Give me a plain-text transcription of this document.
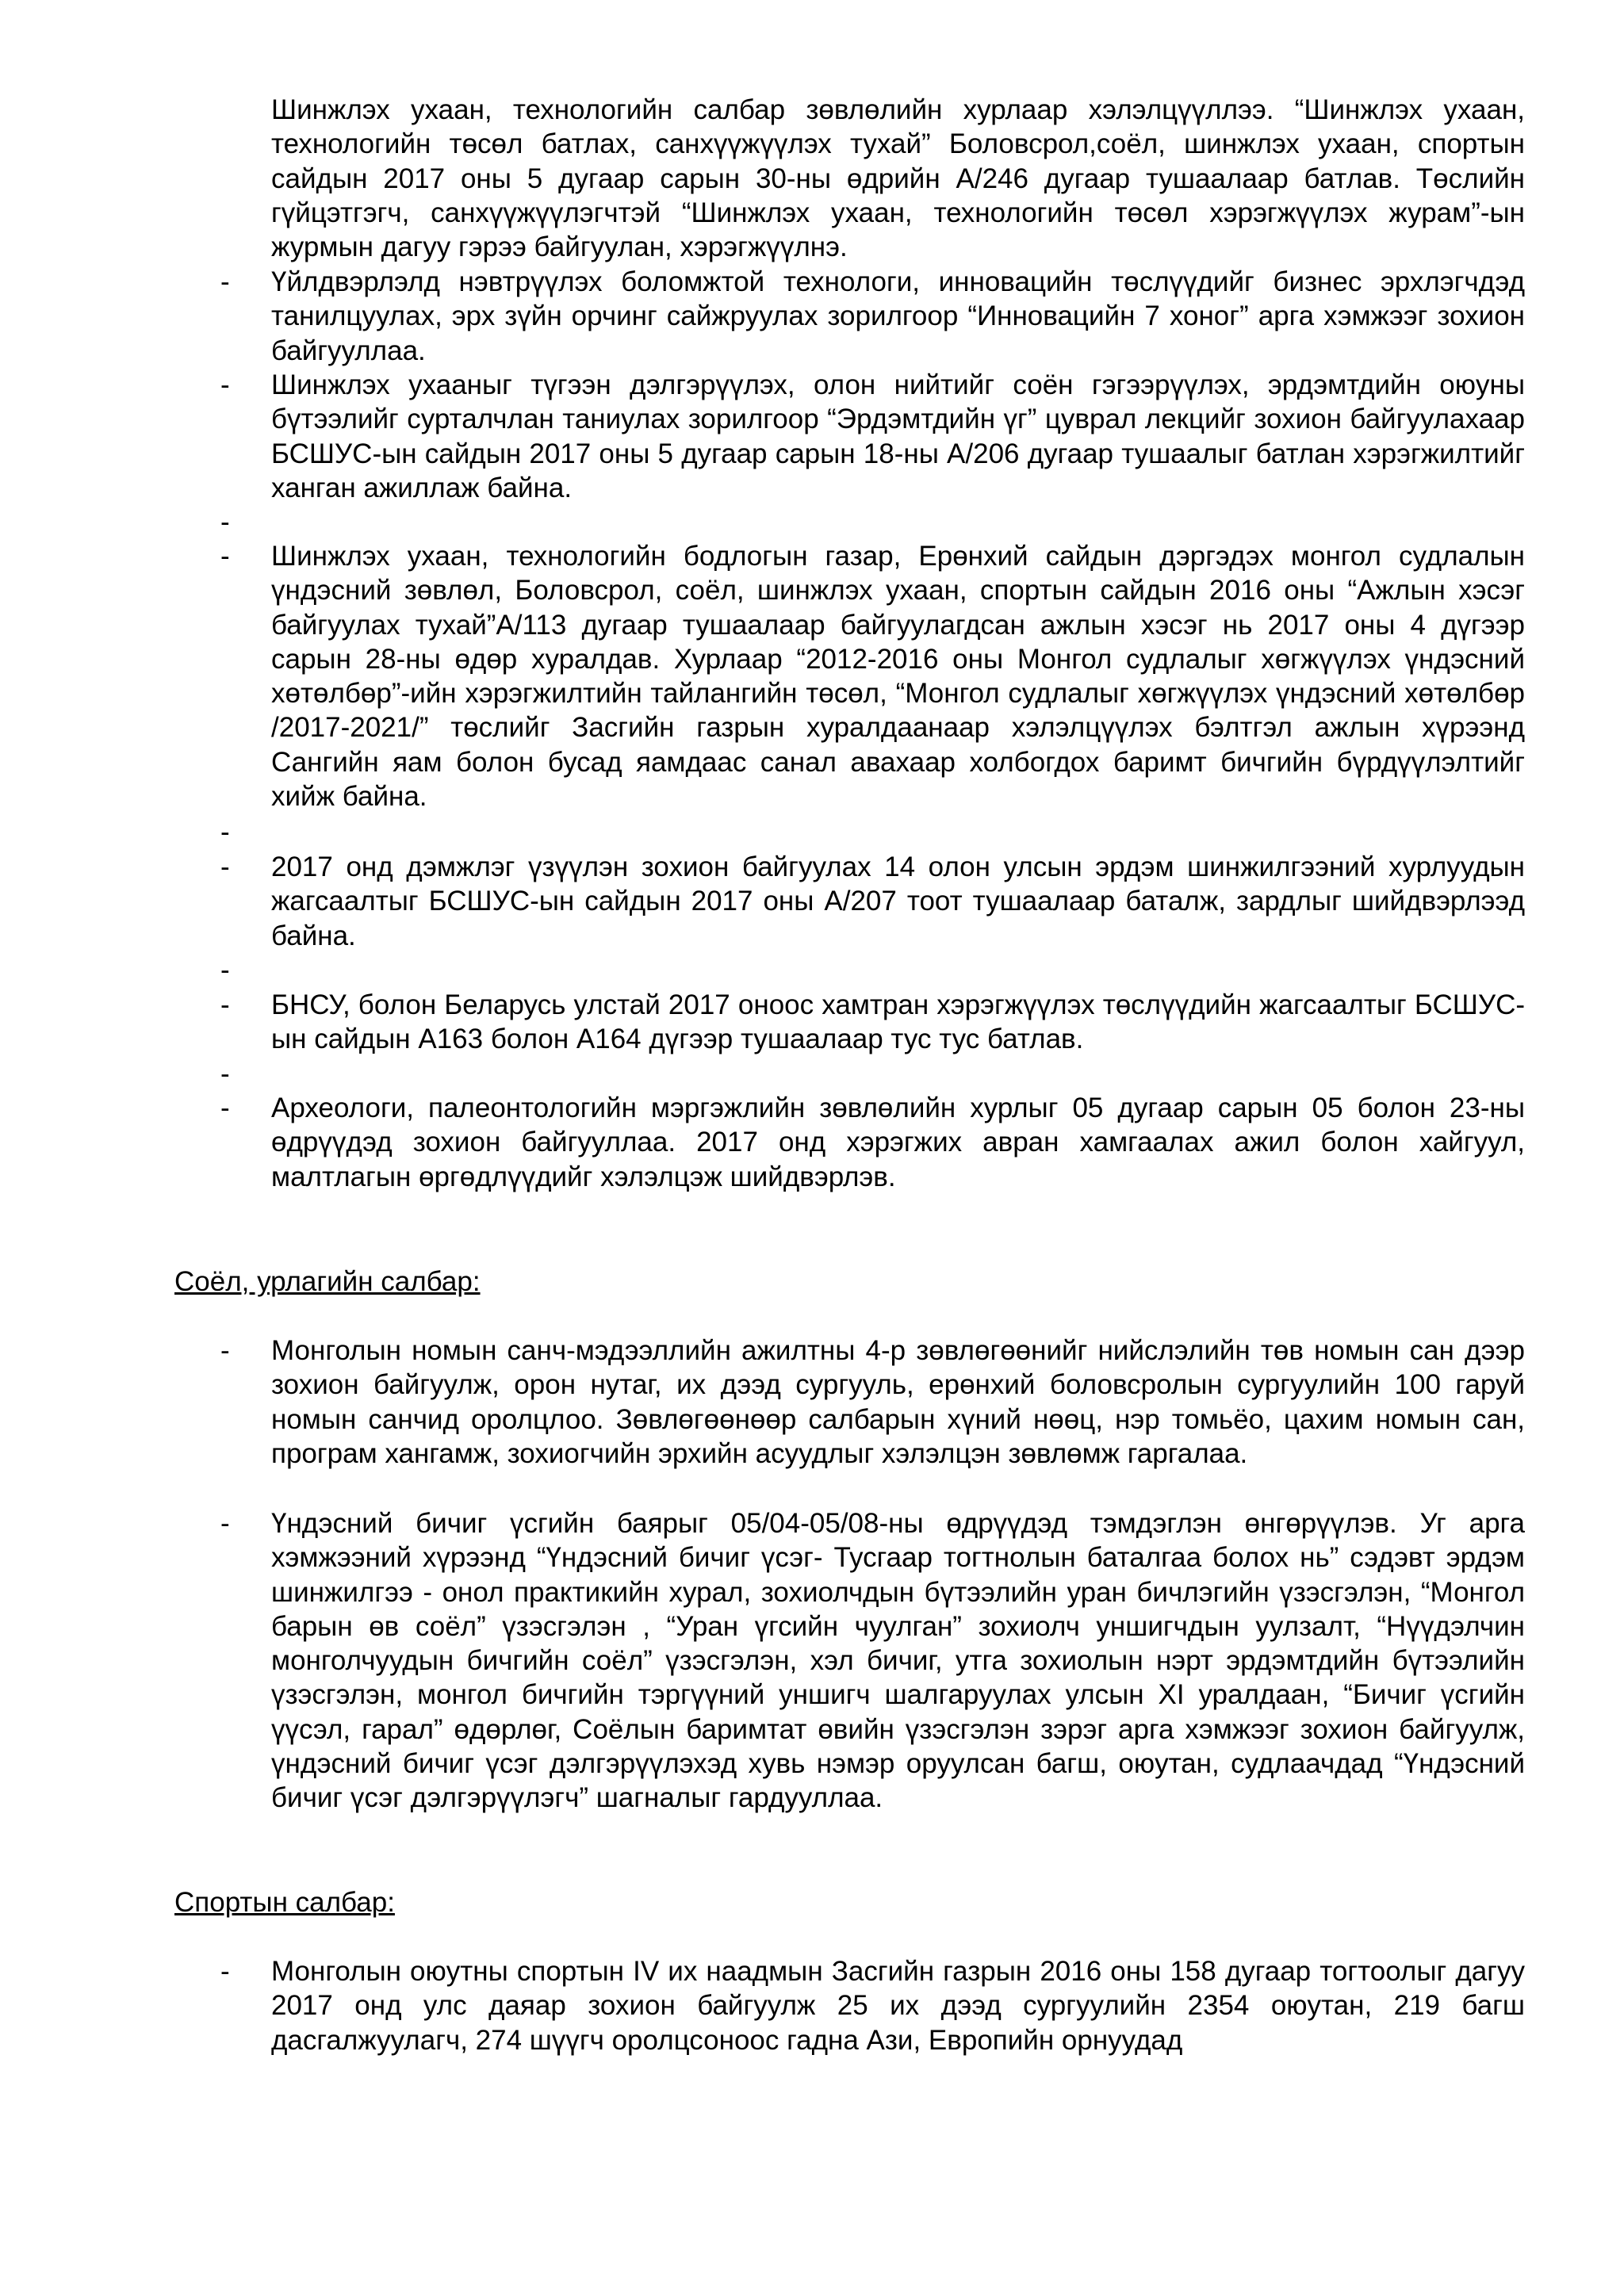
Шинжлэх ухаан, технологийн салбар зөвлөлийн хурлаар хэлэлцүүллээ. “Шинжлэх ухаан, технологийн төсөл батлах, санхүүжүүлэх тухай” Боловсрол,соёл, шинжлэх ухаан, спортын сайдын 2017 оны 5 дугаар сарын 30-ны өдрийн А/246 дугаар тушаалаар батлав. Төслийн гүйцэтгэгч, санхүүжүүлэгчтэй “Шинжлэх ухаан, технологийн төсөл хэрэгжүүлэх журам”-ын журмын дагуу гэрээ байгуулан, хэрэгжүүлнэ.

-	Үйлдвэрлэлд нэвтрүүлэх боломжтой технологи, инновацийн төслүүдийг бизнес эрхлэгчдэд танилцуулах, эрх зүйн орчинг сайжруулах зорилгоор “Инновацийн 7 хоног” арга хэмжээг зохион байгууллаа.

-	Шинжлэх ухааныг түгээн дэлгэрүүлэх, олон нийтийг соён гэгээрүүлэх, эрдэмтдийн оюуны бүтээлийг сурталчлан таниулах зорилгоор “Эрдэмтдийн үг” цуврал лекцийг зохион байгуулахаар БСШУС-ын сайдын 2017 оны 5 дугаар сарын 18-ны А/206 дугаар тушаалыг батлан хэрэгжилтийг ханган ажиллаж байна.

-
-	Шинжлэх ухаан, технологийн бодлогын газар, Ерөнхий сайдын дэргэдэх монгол судлалын үндэсний зөвлөл, Боловсрол, соёл, шинжлэх ухаан, спортын сайдын 2016 оны “Ажлын хэсэг байгуулах тухай”А/113 дугаар тушаалаар байгуулагдсан ажлын хэсэг нь 2017 оны 4 дүгээр сарын 28-ны өдөр хуралдав. Хурлаар “2012-2016 оны Монгол судлалыг хөгжүүлэх үндэсний хөтөлбөр”-ийн хэрэгжилтийн тайлангийн төсөл, “Монгол судлалыг хөгжүүлэх үндэсний хөтөлбөр /2017-2021/” төслийг Засгийн газрын хуралдаанаар хэлэлцүүлэх бэлтгэл ажлын хүрээнд Сангийн яам болон бусад яамдаас санал авахаар холбогдох баримт бичгийн бүрдүүлэлтийг хийж байна.

-
-	2017 онд дэмжлэг үзүүлэн зохион байгуулах 14 олон улсын эрдэм шинжилгээний хурлуудын жагсаалтыг БСШУС-ын сайдын 2017 оны А/207 тоот тушаалаар баталж, зардлыг шийдвэрлээд байна.

-
-	БНСУ, болон Беларусь улстай 2017 оноос хамтран хэрэгжүүлэх төслүүдийн жагсаалтыг БСШУС-ын сайдын А163 болон А164 дүгээр тушаалаар тус тус батлав.

-
-	Археологи, палеонтологийн мэргэжлийн зөвлөлийн хурлыг 05 дугаар сарын 05 болон 23-ны өдрүүдэд зохион байгууллаа. 2017 онд хэрэгжих авран хамгаалах ажил болон хайгуул, малтлагын өргөдлүүдийг хэлэлцэж шийдвэрлэв.

Соёл, урлагийн салбар:

-	Монголын номын санч-мэдээллийн ажилтны 4-р зөвлөгөөнийг нийслэлийн төв номын сан дээр зохион байгуулж, орон нутаг, их дээд сургууль, ерөнхий боловсролын сургуулийн 100 гаруй номын санчид оролцлоо. Зөвлөгөөнөөр салбарын хүний нөөц, нэр томьёо, цахим номын сан, програм хангамж, зохиогчийн эрхийн асуудлыг хэлэлцэн зөвлөмж гаргалаа.

-	Үндэсний бичиг үсгийн баярыг 05/04-05/08-ны өдрүүдэд тэмдэглэн өнгөрүүлэв. Уг арга хэмжээний хүрээнд “Үндэсний бичиг үсэг- Тусгаар тогтнолын баталгаа болох нь” сэдэвт эрдэм шинжилгээ - онол практикийн хурал, зохиолчдын бүтээлийн уран бичлэгийн үзэсгэлэн, “Монгол барын өв соёл” үзэсгэлэн , “Уран үгсийн чуулган” зохиолч уншигчдын уулзалт, “Нүүдэлчин монголчуудын бичгийн соёл” үзэсгэлэн, хэл бичиг, утга зохиолын нэрт эрдэмтдийн бүтээлийн үзэсгэлэн, монгол бичгийн тэргүүний уншигч шалгаруулах улсын XI уралдаан, “Бичиг үсгийн үүсэл, гарал” өдөрлөг, Соёлын баримтат өвийн үзэсгэлэн зэрэг арга хэмжээг зохион байгуулж, үндэсний бичиг үсэг дэлгэрүүлэхэд хувь нэмэр оруулсан багш, оюутан, судлаачдад “Үндэсний бичиг үсэг дэлгэрүүлэгч” шагналыг гардууллаа.

Спортын салбар:

-	Монголын оюутны спортын IV их наадмын Засгийн газрын 2016 оны 158 дугаар тогтоолыг дагуу 2017 онд улс даяар зохион байгуулж 25 их дээд сургуулийн 2354 оюутан, 219 багш дасгалжуулагч, 274 шүүгч оролцсоноос гадна Ази, Европийн орнуудад
